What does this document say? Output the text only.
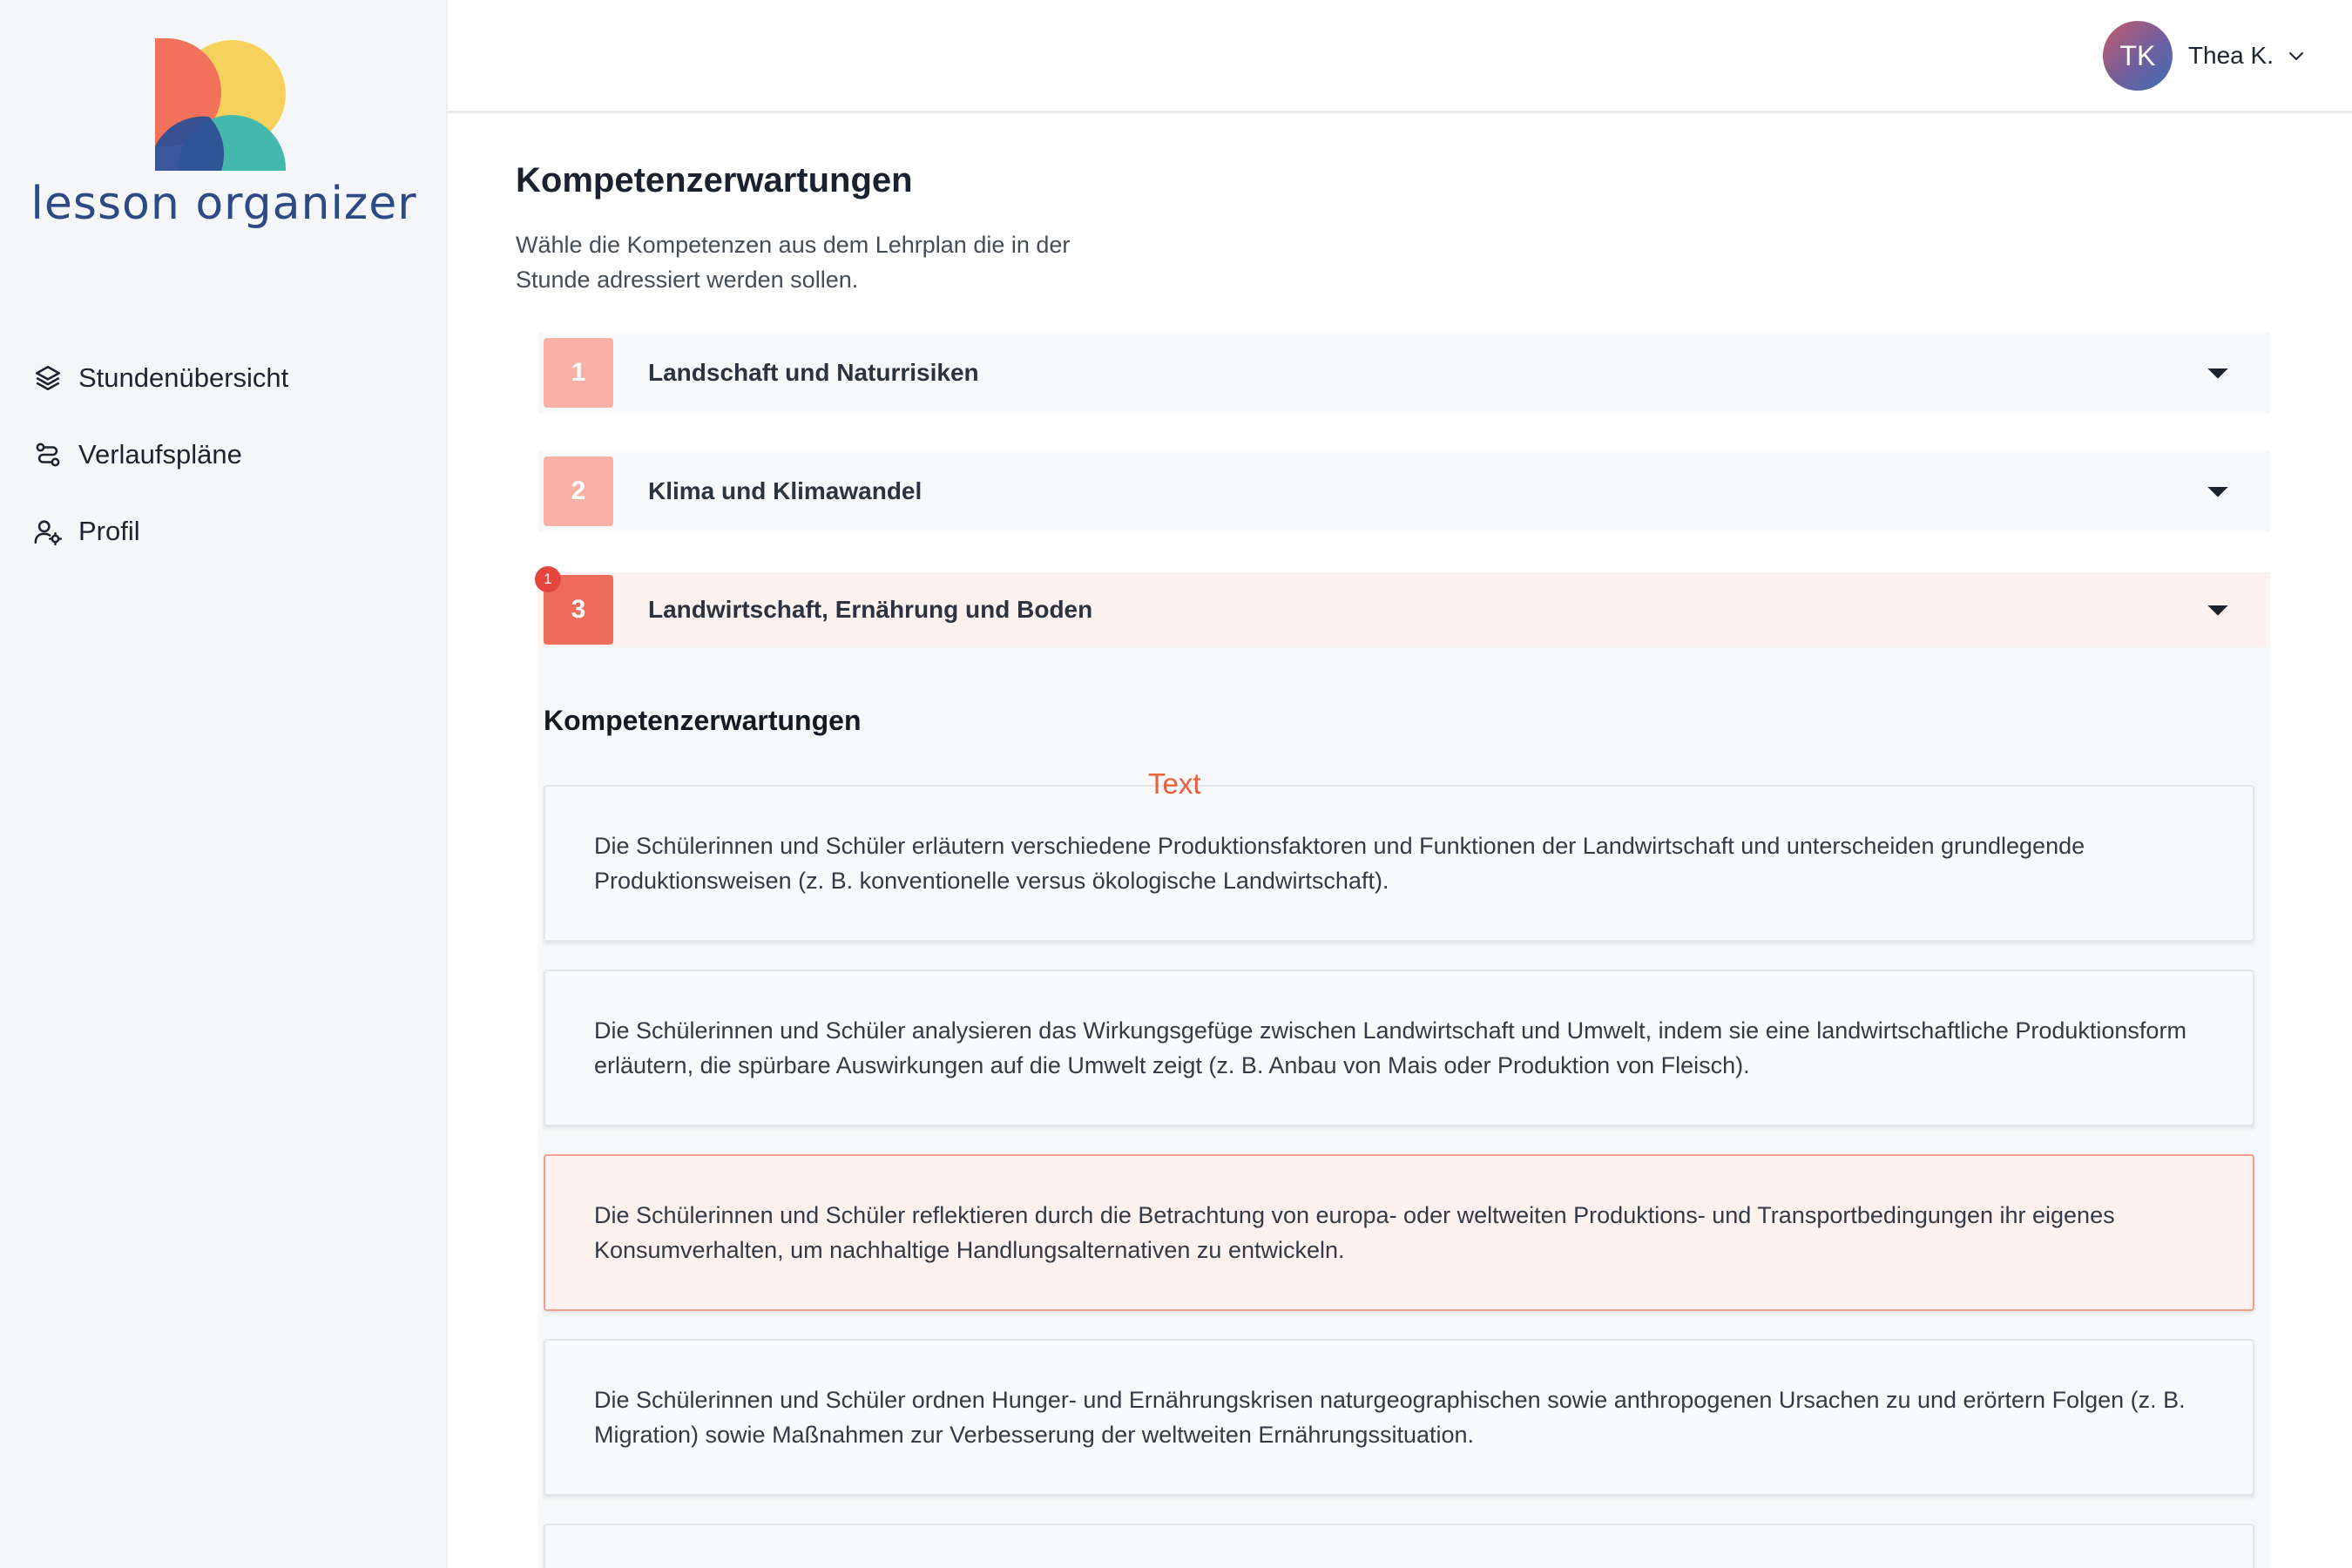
lesson organizer
Stundenübersicht
Verlaufspläne
Profil
TK	Thea K.
Kompetenzerwartungen
Wähle die Kompetenzen aus dem Lehrplan die in der Stunde adressiert werden sollen.
1	Landschaft und Naturrisiken
2	Klima und Klimawandel
3
1
Landwirtschaft, Ernährung und Boden
Kompetenzerwartungen
Die Schülerinnen und Schüler erläutern verschiedene Produktionsfaktoren und Funktionen der Landwirtschaft und unterscheiden grundlegende Produktionsweisen (z. B. konventionelle versus ökologische Landwirtschaft).
Text
Die Schülerinnen und Schüler analysieren das Wirkungsgefüge zwischen Landwirtschaft und Umwelt, indem sie eine landwirtschaftliche Produktionsform erläutern, die spürbare Auswirkungen auf die Umwelt zeigt (z. B. Anbau von Mais oder Produktion von Fleisch).
Die Schülerinnen und Schüler reflektieren durch die Betrachtung von europa- oder weltweiten Produktions- und Transportbedingungen ihr eigenes Konsumverhalten, um nachhaltige Handlungsalternativen zu entwickeln.
Die Schülerinnen und Schüler ordnen Hunger- und Ernährungskrisen naturgeographischen sowie anthropogenen Ursachen zu und erörtern Folgen (z. B. Migration) sowie Maßnahmen zur Verbesserung der weltweiten Ernährungssituation.
